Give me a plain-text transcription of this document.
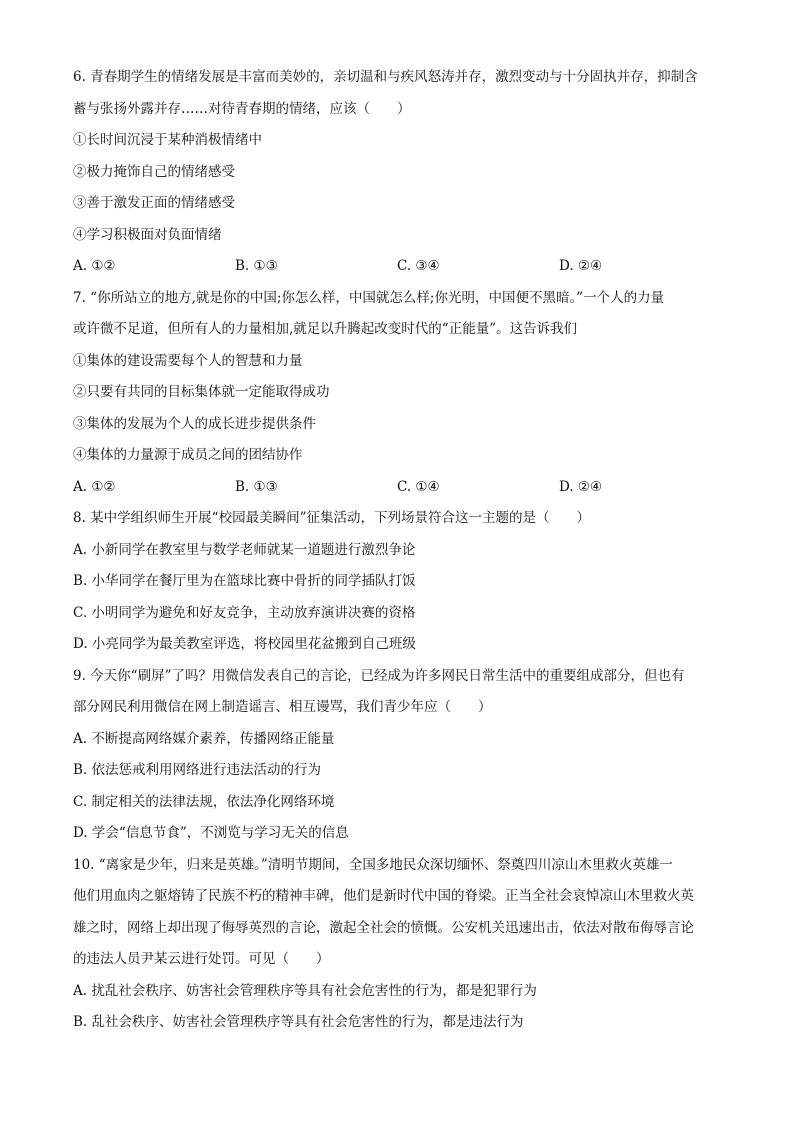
6. 青春期学生的情绪发展是丰富而美妙的，亲切温和与疾风怒涛并存，激烈变动与十分固执并存，抑制含
蓄与张扬外露并存……对待青春期的情绪，应该（　　）
①长时间沉浸于某种消极情绪中
②极力掩饰自己的情绪感受
③善于激发正面的情绪感受
④学习积极面对负面情绪
A. ①②	B. ①③	C. ③④	D. ②④
7. “你所站立的地方,就是你的中国;你怎么样，中国就怎么样;你光明，中国便不黑暗。”一个人的力量
或许微不足道，但所有人的力量相加,就足以升腾起改变时代的“正能量”。这告诉我们
①集体的建设需要每个人的智慧和力量
②只要有共同的目标集体就一定能取得成功
③集体的发展为个人的成长进步提供条件
④集体的力量源于成员之间的团结协作
A. ①②	B. ①③	C. ①④	D. ②④
8. 某中学组织师生开展“校园最美瞬间”征集活动，下列场景符合这一主题的是（　　）
A. 小新同学在教室里与数学老师就某一道题进行激烈争论
B. 小华同学在餐厅里为在篮球比赛中骨折的同学插队打饭
C. 小明同学为避免和好友竞争，主动放弃演讲决赛的资格
D. 小亮同学为最美教室评选，将校园里花盆搬到自己班级
9. 今天你“刷屏”了吗？用微信发表自己的言论，已经成为许多网民日常生活中的重要组成部分，但也有
部分网民利用微信在网上制造谣言、相互谩骂，我们青少年应（　　）
A. 不断提高网络媒介素养，传播网络正能量
B. 依法惩戒利用网络进行违法活动的行为
C. 制定相关的法律法规，依法净化网络环境
D. 学会“信息节食”，不浏览与学习无关的信息
10. “离家是少年，归来是英雄。”清明节期间，全国多地民众深切缅怀、祭奠四川凉山木里救火英雄一
他们用血肉之躯熔铸了民族不朽的精神丰碑，他们是新时代中国的脊梁。正当全社会哀悼凉山木里救火英
雄之时，网络上却出现了侮辱英烈的言论，激起全社会的愤慨。公安机关迅速出击，依法对散布侮辱言论
的违法人员尹某云进行处罚。可见（　　）
A. 扰乱社会秩序、妨害社会管理秩序等具有社会危害性的行为，都是犯罪行为
B. 乱社会秩序、妨害社会管理秩序等具有社会危害性的行为，都是违法行为
